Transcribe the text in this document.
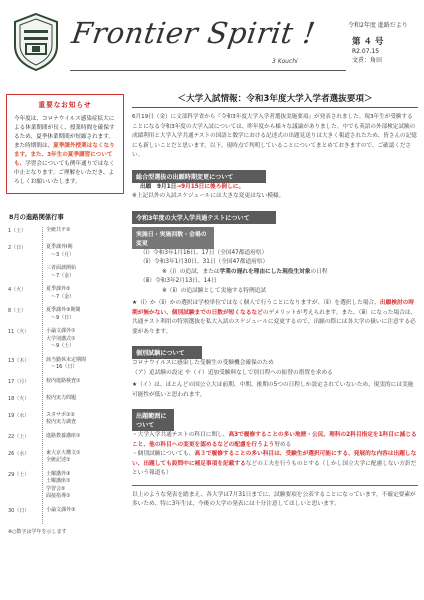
令和2年度 進路だより
Frontier Spirit !
3 Kouchi
第 ４ 号
R2.07.15
文責：角田
重要なお知らせ
今年度は、コロナウイルス感染症拡大による休業期間が長く、授業時間を確保するため、夏季休業期間が短縮されます。また時期間は、夏季課外授業はなくなります。また、3年生の夏季講習についても、学習会についても例年通りではなく中止となります。ご理解をいただき、よろしくお願いいたします。
8月の進路関係行事
1（土）	全統共テ②
2（日）	夏季課外Ⅰ期
　～3（月）
三者面談開始
　～7（金）
4（火）	夏季課外②
　～7（金）
8（土）	夏季課外③期間
　～9（日）
11（火）	小論文課外①
大学別講式①
　～9（土）
13（木）	該当勤休未定期間
　～16（日）
17（月）	校内進路検査①
18（火）	校内実力問題
19（水）	スタサポ①②
校内実力調査
22（土）	進路教養講座①
26（水）	東大京大構文①
全統記述①
29（土）	土曜講外③
土曜講座①
学習会②
面接指導①
30（日）	小論文課外③
※○数字は学年を示します
＜大学入試情報：令和3年度大学入学者選抜要項＞
6月19日（金）に文部科学省から『令和3年度大学入学者選抜実施要項』が発表されました。現3年生が受験することになる令和3年度の大学入試については、昨年度から様々な議論がありました。中でも英語の外部検定試験の成績利用と大学入学共通テストの国語と数学における記述式の出題見送りは大きく報道されたため、皆さんの記憶にも新しいことだと思います。以下、現時点で判明していることについてまとめておきますので、ご確認ください。
総合型選抜の出願時期変更について
出願　9月1日→9月15日に後ろ倒しに。
※上記以外の入試スケジュールには大きな変更はない模様。
令和3年度の大学入学共通テストについて
実施日・実施回数・会場の変更
（ⅰ）令和3年1月16日、17日（全国47都道府県）
（ⅱ）令和3年1月30日、31日（全国47都道府県）
※（ⅰ）の追試、または学業の遅れを理由にした現役生対象の日程
（ⅲ）令和3年2月13日、14日
※（ⅱ）の追試験として実施する特例追試
★（ⅰ）か（ⅱ）かの選択は学校単位ではなく個人で行うことになりますが、（ⅱ）を選択した場合、出願検討の時期が無かない、個別試験までの日数が短くなるなどのデメリットが考えられます。また、（ⅲ）になった場合は、共通テスト利用の特別選抜を私大入試のスケジュールに変更するので、出願の際には各大学の扱いに注意する必要があります。
個別試験について
コロナウイルスに感染した受験生の受験機会確保のため
（ア）追試験の設定 や（イ）追加受験料なしで別日程への振替の措置を求める
★（イ）は、ほとんどの国公立大は前期、中期、後期の5つの日程しか設定されていないため、現実的には実施可能性が低いと思われます。
出題範囲について
・大学入学共通テストの科目に関し、高3で履修することの多い地歴・公民、理科の2科目指定を1科目に減じること、他の科目への変更を認めるなどの配慮を行うよう努める
・個別試験についても、高３で履修することの多い科目は、受験生が選択可能にする、発展的な内容は出題しない、出題しても設問中に補足事項を記載するなどの工夫を行うものとする（しかし国立大学に配慮しない方針だという報道も）
以上のような発表を踏まえ、各大学は7月31日までに、試験要項を公表することになっています。不確定要素が多いため、特に3年生は、今後の大学の発表には十分注意してほしいと思います。
